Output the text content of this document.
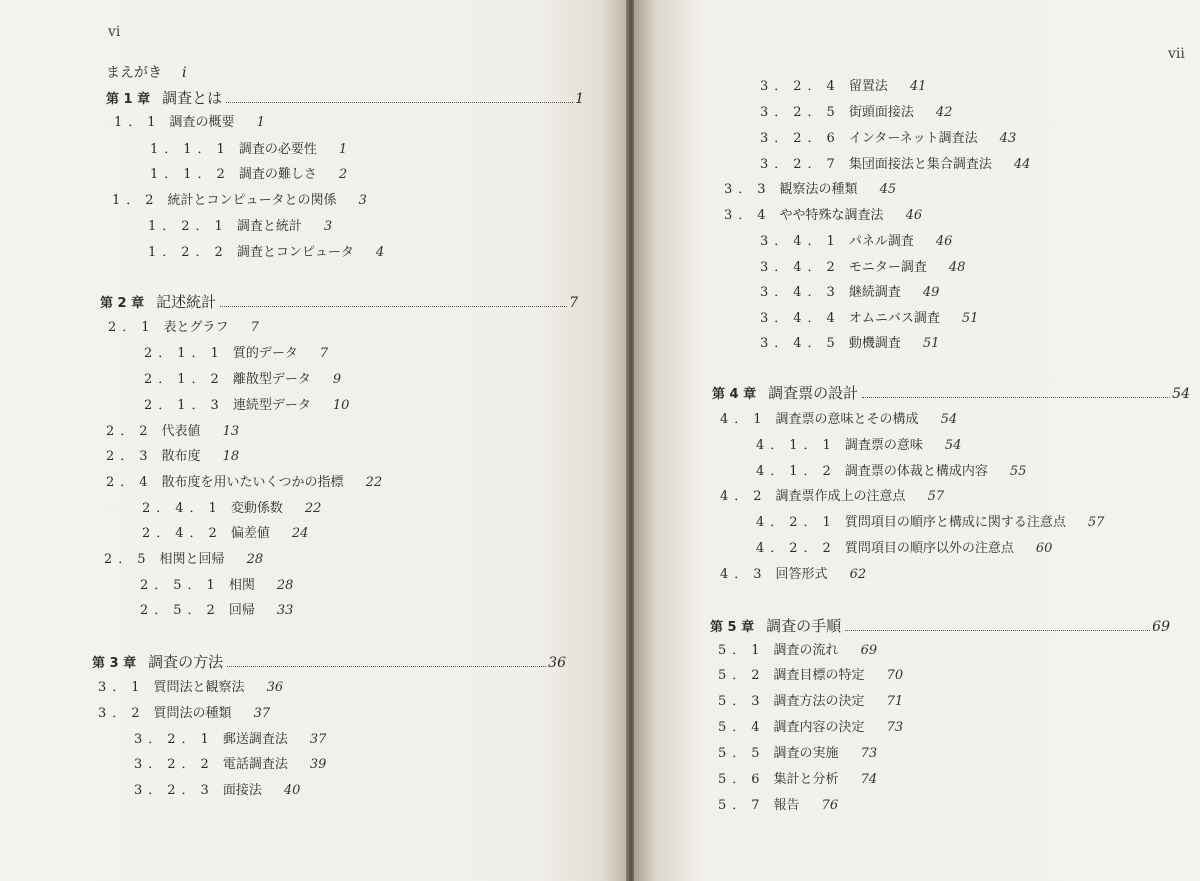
vi
まえがき i
第 1 章 調査とは	1
1．1 調査の概要 1
1．1．1 調査の必要性 1
1．1．2 調査の難しさ 2
1．2 統計とコンピュータとの関係 3
1．2．1 調査と統計 3
1．2．2 調査とコンピュータ 4
第 2 章 記述統計	7
2．1 表とグラフ 7
2．1．1 質的データ 7
2．1．2 離散型データ 9
2．1．3 連続型データ 10
2．2 代表値 13
2．3 散布度 18
2．4 散布度を用いたいくつかの指標 22
2．4．1 変動係数 22
2．4．2 偏差値 24
2．5 相関と回帰 28
2．5．1 相関 28
2．5．2 回帰 33
第 3 章 調査の方法	36
3．1 質問法と観察法 36
3．2 質問法の種類 37
3．2．1 郵送調査法 37
3．2．2 電話調査法 39
3．2．3 面接法 40
vii
3．2．4 留置法 41
3．2．5 街頭面接法 42
3．2．6 インターネット調査法 43
3．2．7 集団面接法と集合調査法 44
3．3 観察法の種類 45
3．4 やや特殊な調査法 46
3．4．1 パネル調査 46
3．4．2 モニター調査 48
3．4．3 継続調査 49
3．4．4 オムニバス調査 51
3．4．5 動機調査 51
第 4 章 調査票の設計	54
4．1 調査票の意味とその構成 54
4．1．1 調査票の意味 54
4．1．2 調査票の体裁と構成内容 55
4．2 調査票作成上の注意点 57
4．2．1 質問項目の順序と構成に関する注意点 57
4．2．2 質問項目の順序以外の注意点 60
4．3 回答形式 62
第 5 章 調査の手順	69
5．1 調査の流れ 69
5．2 調査目標の特定 70
5．3 調査方法の決定 71
5．4 調査内容の決定 73
5．5 調査の実施 73
5．6 集計と分析 74
5．7 報告 76
